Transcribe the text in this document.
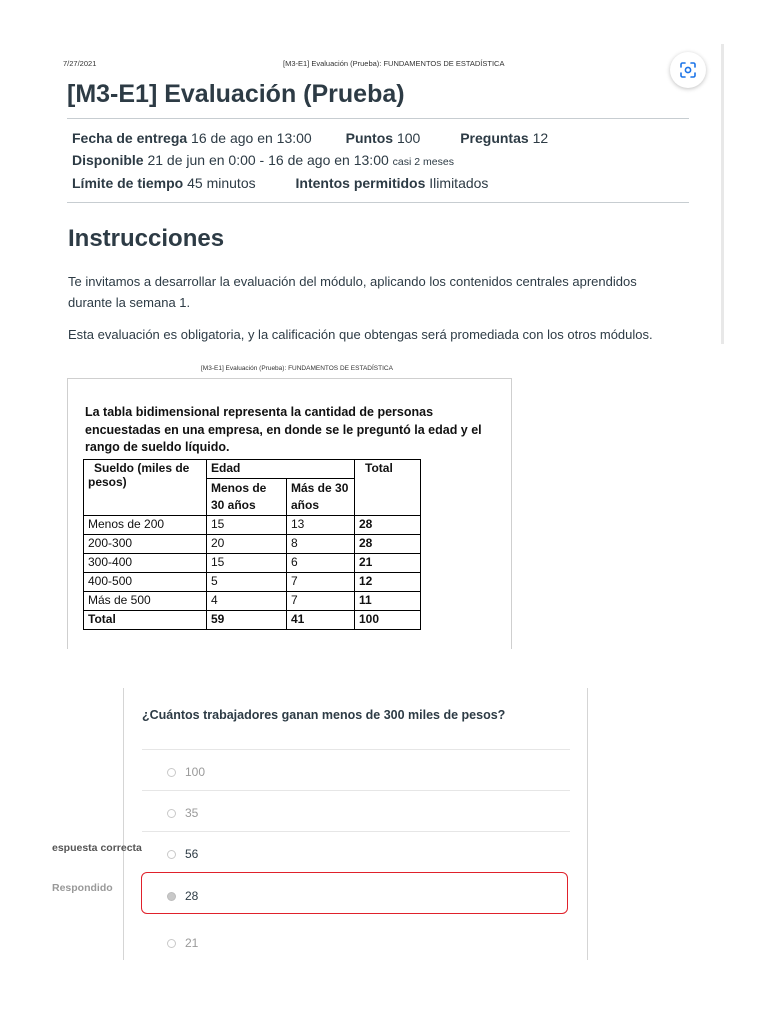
7/27/2021	[M3-E1] Evaluación (Prueba): FUNDAMENTOS DE ESTADÍSTICA
[M3-E1] Evaluación (Prueba)
Fecha de entrega 16 de ago en 13:00 Puntos 100	Preguntas 12
Disponible 21 de jun en 0:00 - 16 de ago en 13:00 casi 2 meses
Límite de tiempo 45 minutos	Intentos permitidos Ilimitados
Instrucciones

Te invitamos a desarrollar la evaluación del módulo, aplicando los contenidos centrales aprendidos
durante la semana 1.

Esta evaluación es obligatoria, y la calificación que obtengas será promediada con los otros módulos.

[M3-E1] Evaluación (Prueba): FUNDAMENTOS DE ESTADÍSTICA

La tabla bidimensional representa la cantidad de personas
encuestadas en una empresa, en donde se le preguntó la edad y el
rango de sueldo líquido.

Sueldo (miles de
pesos)	Edad		Total
	Menos de
30 años	Más de 30
años	
Menos de 200	15	13	28
200-300	20	8	28
300-400	15	6	21
400-500	5	7	12
Más de 500	4	7	11
Total	59	41	100

¿Cuántos trabajadores ganan menos de 300 miles de pesos?

100
35
56
28
21
espuesta correcta
Respondido
